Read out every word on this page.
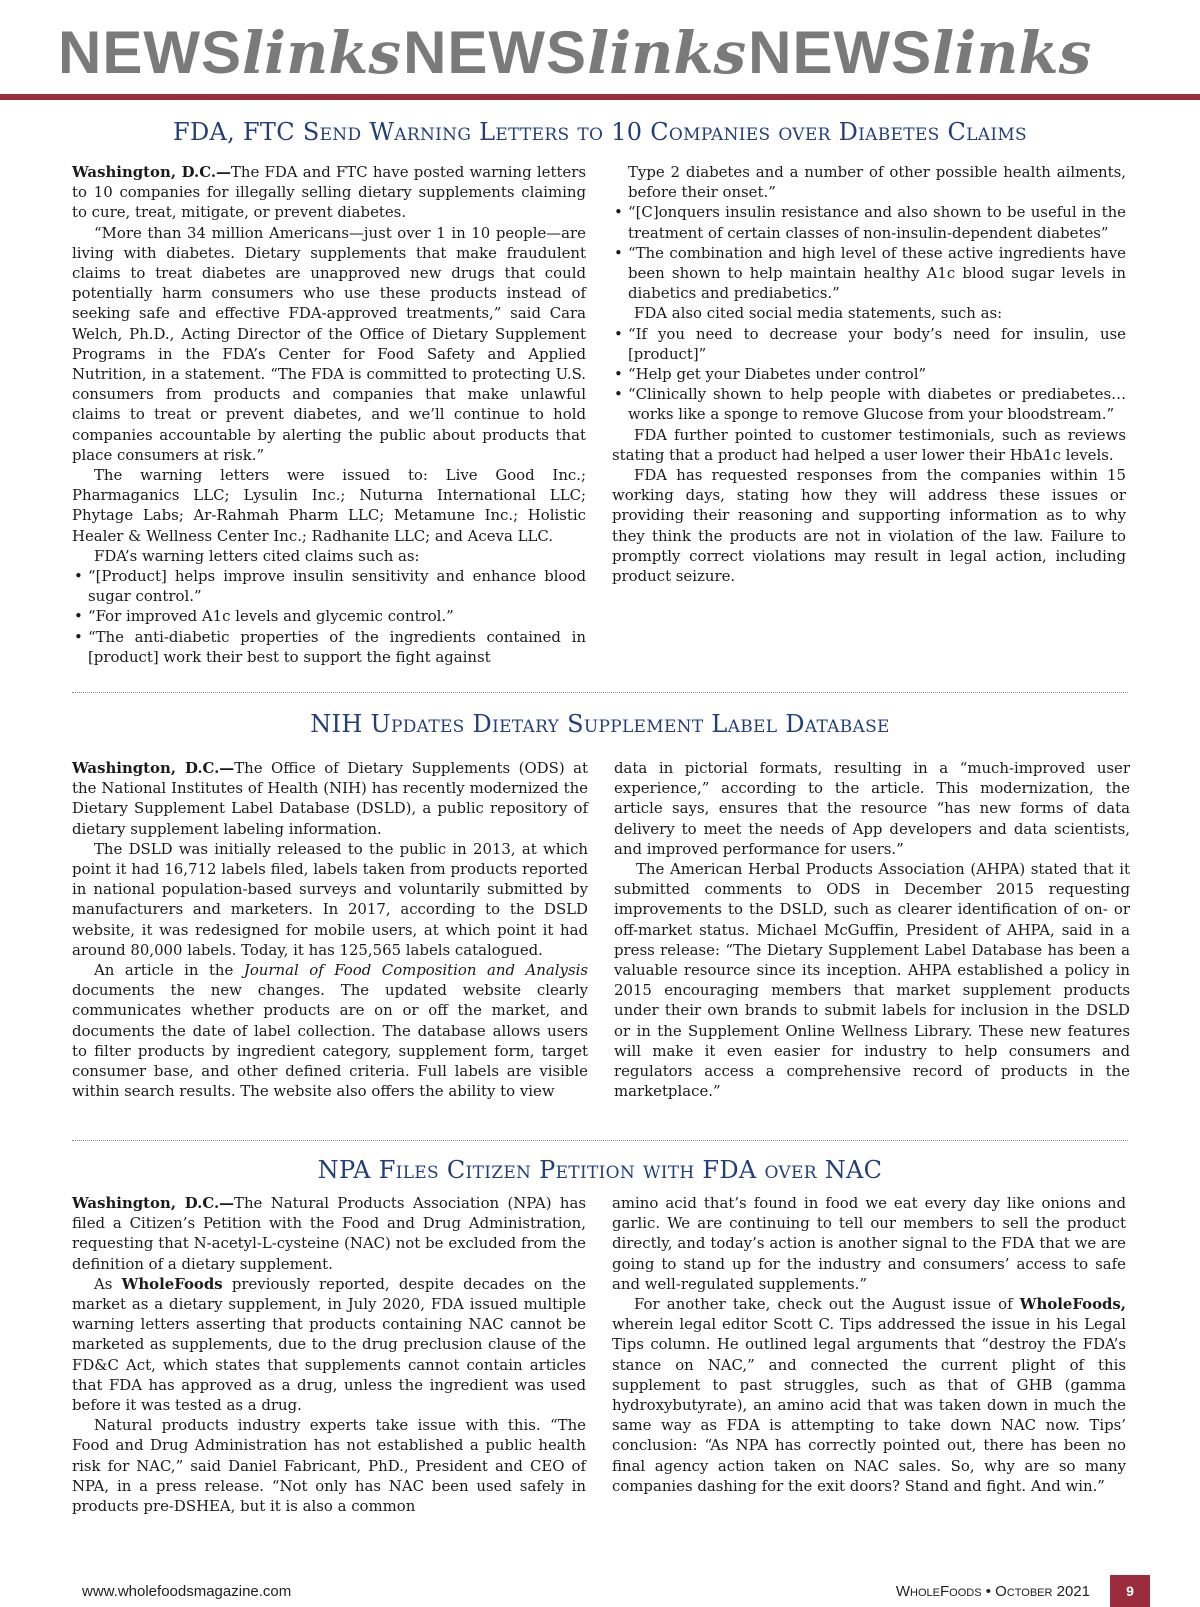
NEWSlinksNEWSlinksNEWSlinks
FDA, FTC Send Warning Letters to 10 Companies over Diabetes Claims

Washington, D.C.—The FDA and FTC have posted warning letters to 10 companies for illegally selling dietary supplements claiming to cure, treat, mitigate, or prevent diabetes.

“More than 34 million Americans—just over 1 in 10 people—are living with diabetes. Dietary supplements that make fraudulent claims to treat diabetes are unapproved new drugs that could potentially harm consumers who use these products instead of seeking safe and effective FDA-approved treatments,” said Cara Welch, Ph.D., Acting Director of the Office of Dietary Supplement Programs in the FDA’s Center for Food Safety and Applied Nutrition, in a statement. “The FDA is committed to protecting U.S. consumers from products and companies that make unlawful claims to treat or prevent diabetes, and we’ll continue to hold companies accountable by alerting the public about products that place consumers at risk.”

The warning letters were issued to: Live Good Inc.; Pharmaganics LLC; Lysulin Inc.; Nuturna International LLC; Phytage Labs; Ar-Rahmah Pharm LLC; Metamune Inc.; Holistic Healer & Wellness Center Inc.; Radhanite LLC; and Aceva LLC.

FDA’s warning letters cited claims such as:

• “[Product] helps improve insulin sensitivity and enhance blood sugar control.”
• “For improved A1c levels and glycemic control.”
• “The anti-diabetic properties of the ingredients contained in [product] work their best to support the fight against
Type 2 diabetes and a number of other possible health ailments, before their onset.”
• “[C]onquers insulin resistance and also shown to be useful in the treatment of certain classes of non-insulin-dependent diabetes”
• “The combination and high level of these active ingredients have been shown to help maintain healthy A1c blood sugar levels in diabetics and prediabetics.”

FDA also cited social media statements, such as:

• “If you need to decrease your body’s need for insulin, use [product]”
• “Help get your Diabetes under control”
• “Clinically shown to help people with diabetes or prediabetes…works like a sponge to remove Glucose from your bloodstream.”

FDA further pointed to customer testimonials, such as reviews stating that a product had helped a user lower their HbA1c levels.

FDA has requested responses from the companies within 15 working days, stating how they will address these issues or providing their reasoning and supporting information as to why they think the products are not in violation of the law. Failure to promptly correct violations may result in legal action, including product seizure.

NIH Updates Dietary Supplement Label Database

Washington, D.C.—The Office of Dietary Supplements (ODS) at the National Institutes of Health (NIH) has recently modernized the Dietary Supplement Label Database (DSLD), a public repository of dietary supplement labeling information.

The DSLD was initially released to the public in 2013, at which point it had 16,712 labels filed, labels taken from products reported in national population-based surveys and voluntarily submitted by manufacturers and marketers. In 2017, according to the DSLD website, it was redesigned for mobile users, at which point it had around 80,000 labels. Today, it has 125,565 labels catalogued.

An article in the Journal of Food Composition and Analysis documents the new changes. The updated website clearly communicates whether products are on or off the market, and documents the date of label collection. The database allows users to filter products by ingredient category, supplement form, target consumer base, and other defined criteria. Full labels are visible within search results. The website also offers the ability to view

data in pictorial formats, resulting in a “much-improved user experience,” according to the article. This modernization, the article says, ensures that the resource “has new forms of data delivery to meet the needs of App developers and data scientists, and improved performance for users.”

The American Herbal Products Association (AHPA) stated that it submitted comments to ODS in December 2015 requesting improvements to the DSLD, such as clearer identification of on- or off-market status. Michael McGuffin, President of AHPA, said in a press release: “The Dietary Supplement Label Database has been a valuable resource since its inception. AHPA established a policy in 2015 encouraging members that market supplement products under their own brands to submit labels for inclusion in the DSLD or in the Supplement Online Wellness Library. These new features will make it even easier for industry to help consumers and regulators access a comprehensive record of products in the marketplace.”

NPA Files Citizen Petition with FDA over NAC

Washington, D.C.—The Natural Products Association (NPA) has filed a Citizen’s Petition with the Food and Drug Administration, requesting that N-acetyl-L-cysteine (NAC) not be excluded from the definition of a dietary supplement.

As WholeFoods previously reported, despite decades on the market as a dietary supplement, in July 2020, FDA issued multiple warning letters asserting that products containing NAC cannot be marketed as supplements, due to the drug preclusion clause of the FD&C Act, which states that supplements cannot contain articles that FDA has approved as a drug, unless the ingredient was used before it was tested as a drug.

Natural products industry experts take issue with this. “The Food and Drug Administration has not established a public health risk for NAC,” said Daniel Fabricant, PhD., President and CEO of NPA, in a press release. “Not only has NAC been used safely in products pre-DSHEA, but it is also a common

amino acid that’s found in food we eat every day like onions and garlic. We are continuing to tell our members to sell the product directly, and today’s action is another signal to the FDA that we are going to stand up for the industry and consumers’ access to safe and well-regulated supplements.”

For another take, check out the August issue of WholeFoods, wherein legal editor Scott C. Tips addressed the issue in his Legal Tips column. He outlined legal arguments that “destroy the FDA’s stance on NAC,” and connected the current plight of this supplement to past struggles, such as that of GHB (gamma hydroxybutyrate), an amino acid that was taken down in much the same way as FDA is attempting to take down NAC now. Tips’ conclusion: “As NPA has correctly pointed out, there has been no final agency action taken on NAC sales. So, why are so many companies dashing for the exit doors? Stand and fight. And win.”

www.wholefoodsmagazine.com	WholeFoods • October 2021	9
